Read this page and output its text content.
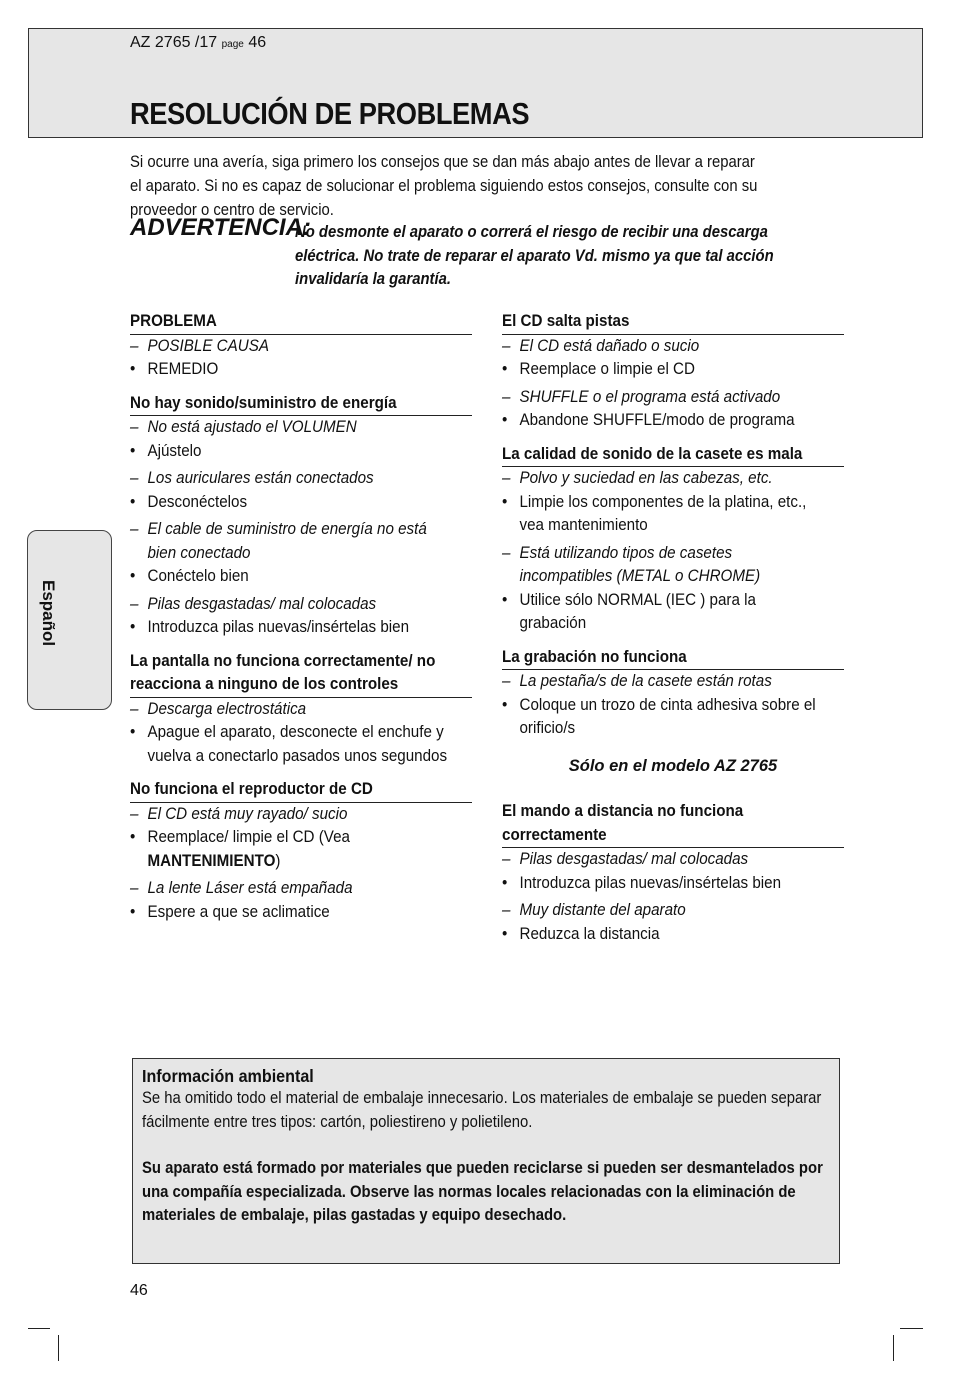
AZ 2765 /17 page 46
RESOLUCIÓN DE PROBLEMAS
Si ocurre una avería, siga primero los consejos que se dan más abajo antes de llevar a reparar el aparato. Si no es capaz de solucionar el problema siguiendo estos consejos, consulte con su proveedor o centro de servicio.
ADVERTENCIA:
No desmonte el aparato o correrá el riesgo de recibir una descarga eléctrica. No trate de reparar el aparato Vd. mismo ya que tal acción invalidaría la garantía.
PROBLEMA
– POSIBLE CAUSA
• REMEDIO
No hay sonido/suministro de energía
– No está ajustado el VOLUMEN
• Ajústelo
– Los auriculares están conectados
• Desconéctelos
– El cable de suministro de energía no está
bien conectado
• Conéctelo bien
– Pilas desgastadas/ mal colocadas
• Introduzca pilas nuevas/insértelas bien
La pantalla no funciona correctamente/ no
reacciona a ninguno de los controles
– Descarga electrostática
• Apague el aparato, desconecte el enchufe y
vuelva a conectarlo pasados unos segundos
No funciona el reproductor de CD
– El CD está muy rayado/ sucio
• Reemplace/ limpie el CD (Vea
MANTENIMIENTO)
– La lente Láser está empañada
• Espere a que se aclimatice
El CD salta pistas
– El CD está dañado o sucio
• Reemplace o limpie el CD
– SHUFFLE o el programa está activado
• Abandone SHUFFLE/modo de programa
La calidad de sonido de la casete es mala
– Polvo y suciedad en las cabezas, etc.
• Limpie los componentes de la platina, etc.,
vea mantenimiento
– Está utilizando tipos de casetes
incompatibles (METAL o CHROME)
• Utilice sólo NORMAL (IEC ) para la
grabación
La grabación no funciona
– La pestaña/s de la casete están rotas
• Coloque un trozo de cinta adhesiva sobre el
orificio/s
Sólo en el modelo AZ 2765
El mando a distancia no funciona
correctamente
– Pilas desgastadas/ mal colocadas
• Introduzca pilas nuevas/insértelas bien
– Muy distante del aparato
• Reduzca la distancia
Español
Información ambiental
Se ha omitido todo el material de embalaje innecesario. Los materiales de embalaje se pueden separar fácilmente entre tres tipos: cartón, poliestireno y polietileno.
Su aparato está formado por materiales que pueden reciclarse si pueden ser desmantelados por una compañía especializada. Observe las normas locales relacionadas con la eliminación de materiales de embalaje, pilas gastadas y equipo desechado.
46
